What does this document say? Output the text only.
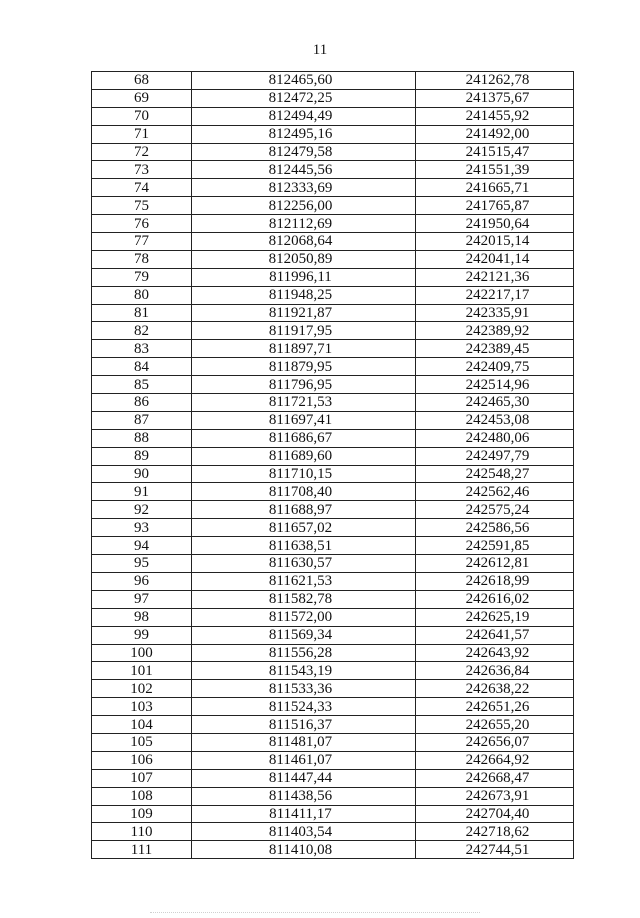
11
68	812465,60	241262,78
69	812472,25	241375,67
70	812494,49	241455,92
71	812495,16	241492,00
72	812479,58	241515,47
73	812445,56	241551,39
74	812333,69	241665,71
75	812256,00	241765,87
76	812112,69	241950,64
77	812068,64	242015,14
78	812050,89	242041,14
79	811996,11	242121,36
80	811948,25	242217,17
81	811921,87	242335,91
82	811917,95	242389,92
83	811897,71	242389,45
84	811879,95	242409,75
85	811796,95	242514,96
86	811721,53	242465,30
87	811697,41	242453,08
88	811686,67	242480,06
89	811689,60	242497,79
90	811710,15	242548,27
91	811708,40	242562,46
92	811688,97	242575,24
93	811657,02	242586,56
94	811638,51	242591,85
95	811630,57	242612,81
96	811621,53	242618,99
97	811582,78	242616,02
98	811572,00	242625,19
99	811569,34	242641,57
100	811556,28	242643,92
101	811543,19	242636,84
102	811533,36	242638,22
103	811524,33	242651,26
104	811516,37	242655,20
105	811481,07	242656,07
106	811461,07	242664,92
107	811447,44	242668,47
108	811438,56	242673,91
109	811411,17	242704,40
110	811403,54	242718,62
111	811410,08	242744,51
